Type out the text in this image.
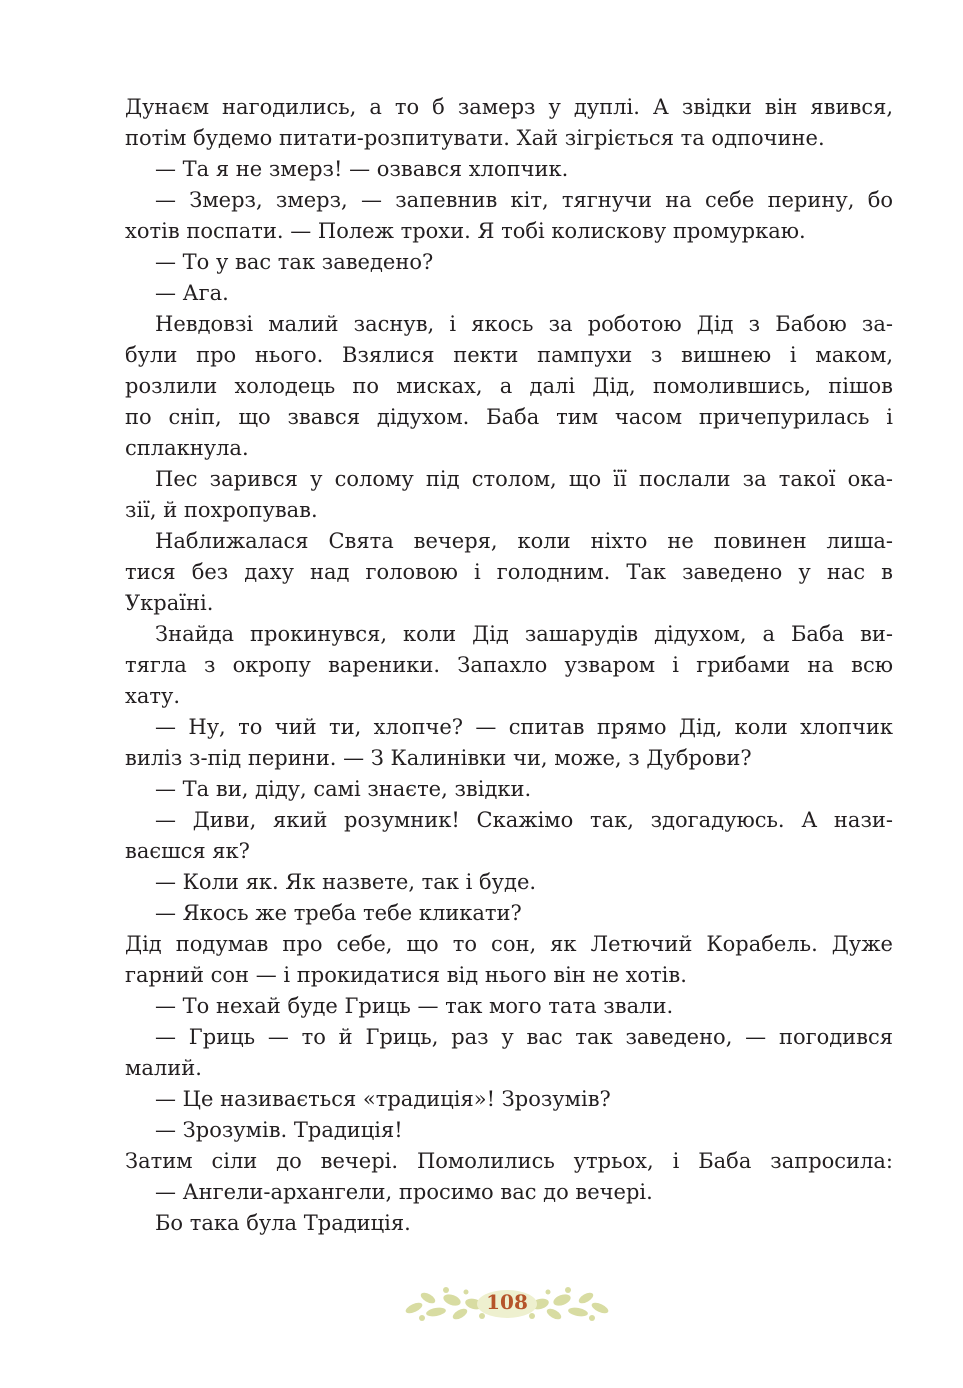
Дунаєм нагодились, а то б замерз у дуплі. А звідки він явився,
потім будемо питати-розпитувати. Хай зігріється та одпочине.
— Та я не змерз! — озвався хлопчик.
— Змерз, змерз, — запевнив кіт, тягнучи на себе перину, бо
хотів поспати. — Полеж трохи. Я тобі колискову промуркаю.
— То у вас так заведено?
— Ага.
Невдовзі малий заснув, і якось за роботою Дід з Бабою за-
були про нього. Взялися пекти пампухи з вишнею і маком,
розлили холодець по мисках, а далі Дід, помолившись, пішов
по сніп, що звався дідухом. Баба тим часом причепурилась і
сплакнула.
Пес зарився у солому під столом, що її послали за такої ока-
зії, й похропував.
Наближалася Свята вечеря, коли ніхто не повинен лиша-
тися без даху над головою і голодним. Так заведено у нас в
Україні.
Знайда прокинувся, коли Дід зашарудів дідухом, а Баба ви-
тягла з окропу вареники. Запахло узваром і грибами на всю
хату.
— Ну, то чий ти, хлопче? — спитав прямо Дід, коли хлопчик
виліз з-під перини. — З Калинівки чи, може, з Дуброви?
— Та ви, діду, самі знаєте, звідки.
— Диви, який розумник! Скажімо так, здогадуюсь. А нази-
ваєшся як?
— Коли як. Як назвете, так і буде.
— Якось же треба тебе кликати?
Дід подумав про себе, що то сон, як Летючий Корабель. Дуже
гарний сон — і прокидатися від нього він не хотів.
— То нехай буде Гриць — так мого тата звали.
— Гриць — то й Гриць, раз у вас так заведено, — погодився
малий.
— Це називається «традиція»! Зрозумів?
— Зрозумів. Традиція!
Затим сіли до вечері. Помолились утрьох, і Баба запросила:
— Ангели-архангели, просимо вас до вечері.
Бо така була Традиція.
108
